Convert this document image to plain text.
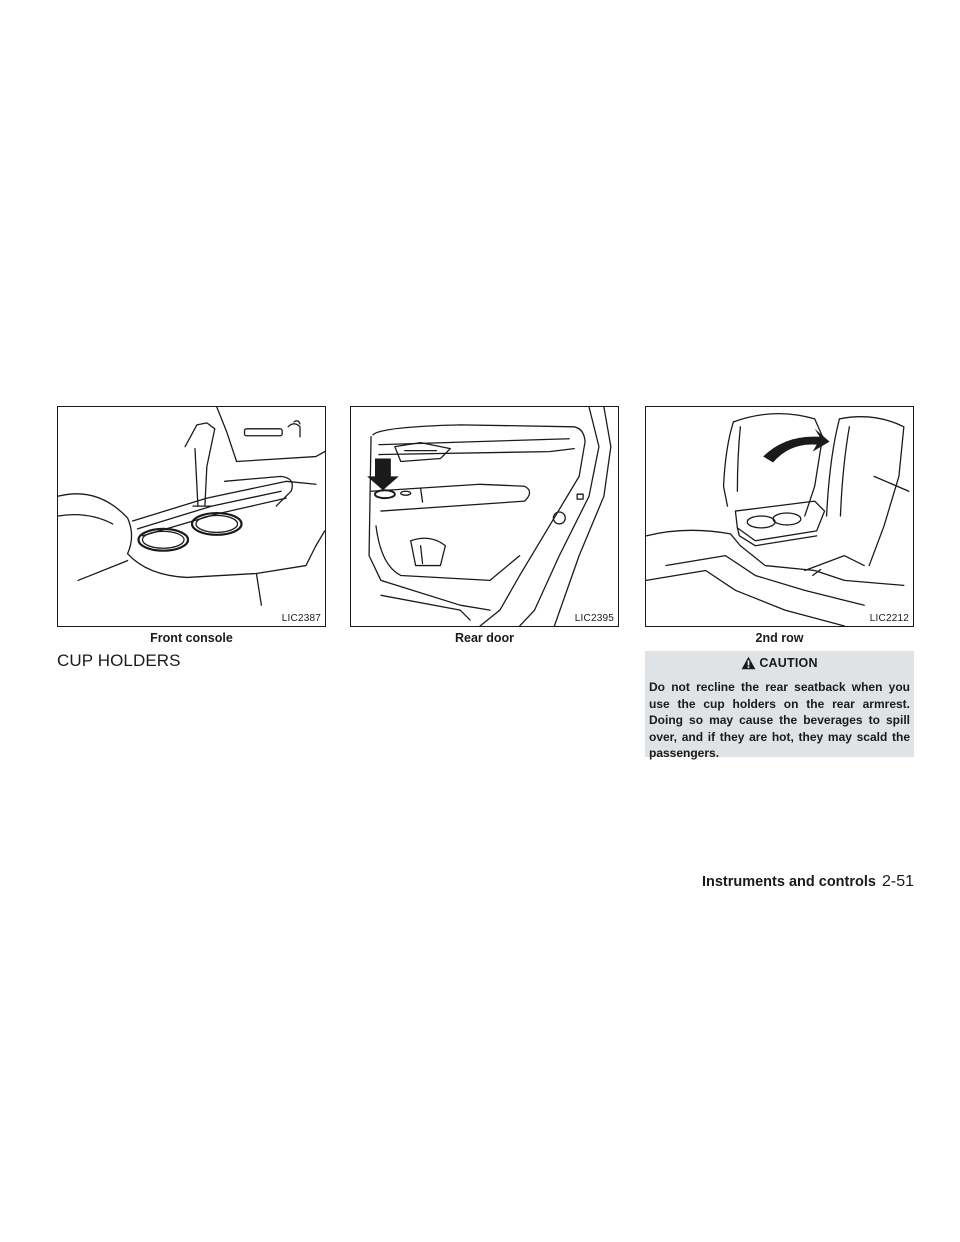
LIC2387
Front console
LIC2395
Rear door
LIC2212
2nd row
CUP HOLDERS	CAUTION
Do not recline the rear seatback when you use the cup holders on the rear armrest. Doing so may cause the beverages to spill over, and if they are hot, they may scald the passengers.
Instruments and controls 2-51
